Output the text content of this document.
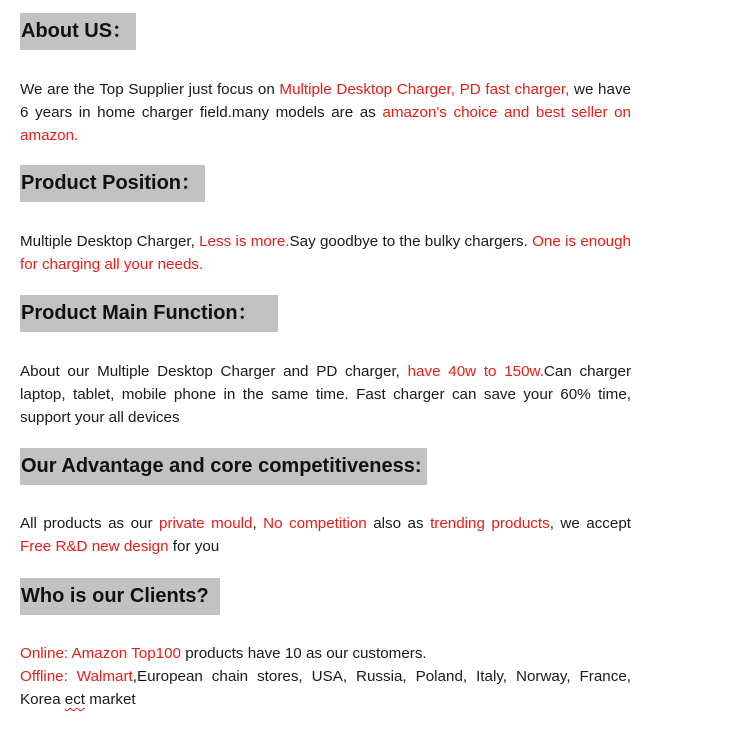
About US：

We are the Top Supplier just focus on Multiple Desktop Charger, PD fast charger, we have 6 years in home charger field.many models are as amazon's choice and best seller on amazon.

Product Position：

Multiple Desktop Charger, Less is more.Say goodbye to the bulky chargers. One is enough for charging all your needs.

Product Main Function：

About our Multiple Desktop Charger and PD charger, have 40w to 150w.Can charger laptop, tablet, mobile phone in the same time. Fast charger can save your 60% time, support your all devices

Our Advantage and core competitiveness:

All products as our private mould, No competition also as trending products, we accept Free R&D new design for you

Who is our Clients?

Online: Amazon Top100 products have 10 as our customers.

Offline: Walmart,European chain stores, USA, Russia, Poland, Italy, Norway, France, Korea ect market
